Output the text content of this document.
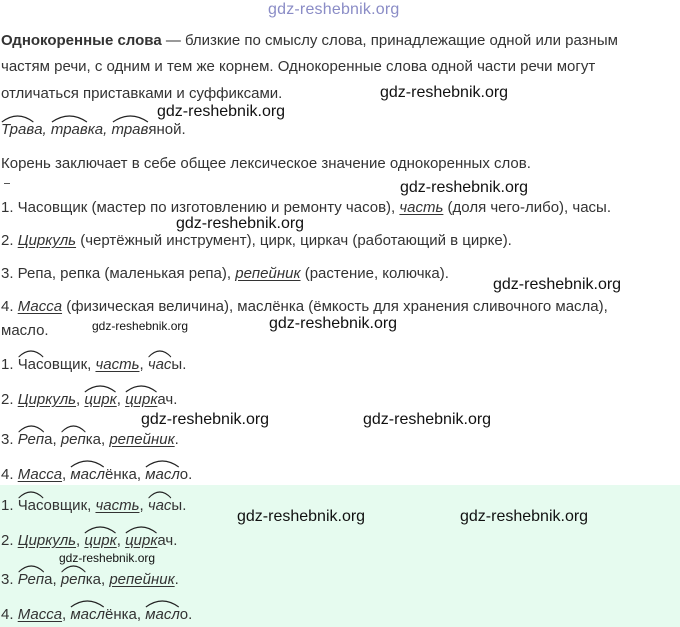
gdz-reshebnik.org
Однокоренные слова — близкие по смыслу слова, принадлежащие одной или разным
частям речи, с одним и тем же корнем. Однокоренные слова одной части речи могут
отличаться приставками и суффиксами.
Трава,
травка,
травяной.
Корень заключает в себе общее лексическое значение однокоренных слов.
1. Часовщик (мастер по изготовлению и ремонту часов), часть (доля чего-либо), часы.
2. Циркуль (чертёжный инструмент), цирк, циркач (работающий в цирке).
3. Репа, репка (маленькая репа), репейник (растение, колючка).
4. Масса (физическая величина), маслёнка (ёмкость для хранения сливочного масла),
масло.
1.
Часовщик, часть,
часы.
2. Циркуль,
цирк,
циркач.
3.
Репа,
репка, репейник.
4. Масса,
маслёнка,
масло.
1.
Часовщик, часть,
часы.
2. Циркуль,
цирк,
циркач.
3.
Репа,
репка, репейник.
4. Масса,
маслёнка,
масло.
gdz-reshebnik.org
gdz-reshebnik.org
gdz-reshebnik.org
gdz-reshebnik.org
gdz-reshebnik.org
gdz-reshebnik.org
gdz-reshebnik.org
gdz-reshebnik.org	gdz-reshebnik.org
gdz-reshebnik.org	gdz-reshebnik.org
gdz-reshebnik.org
